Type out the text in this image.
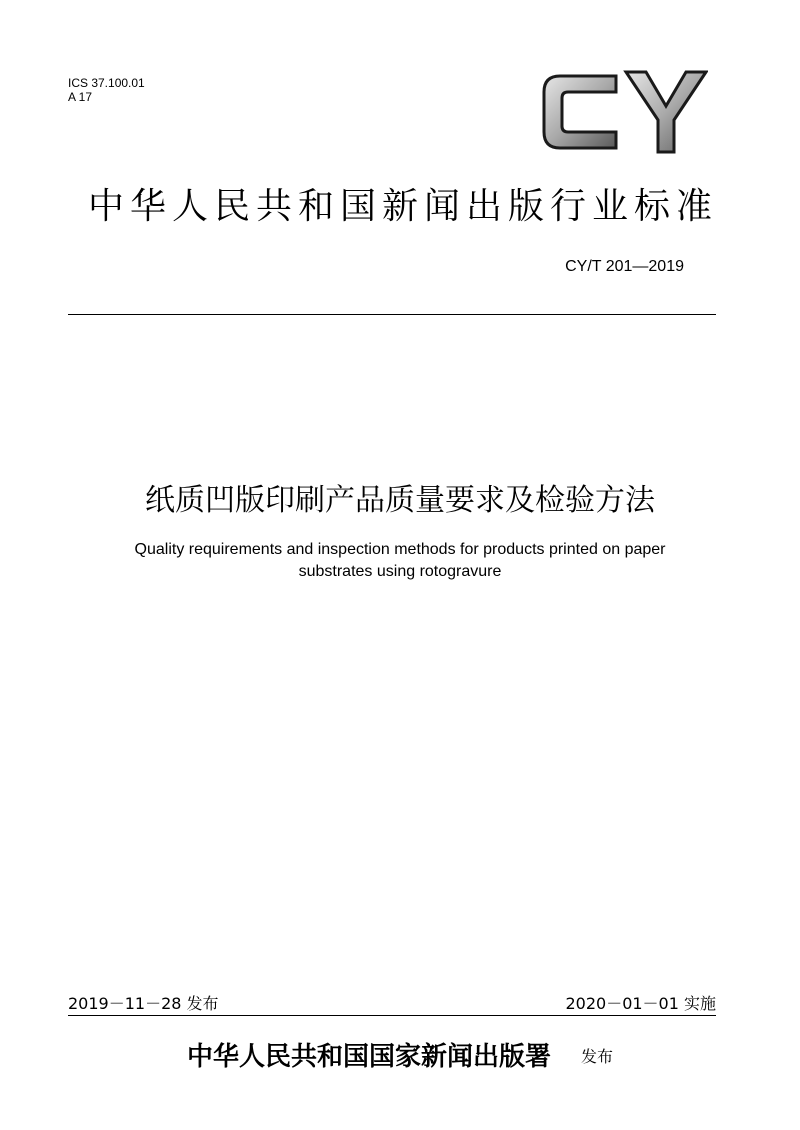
ICS 37.100.01
A 17
中华人民共和国新闻出版行业标准
CY/T 201—2019
纸质凹版印刷产品质量要求及检验方法
Quality requirements and inspection methods for products printed on paper
substrates using rotogravure
2019－11－28 发布	2020－01－01 实施
中华人民共和国国家新闻出版署 发布
